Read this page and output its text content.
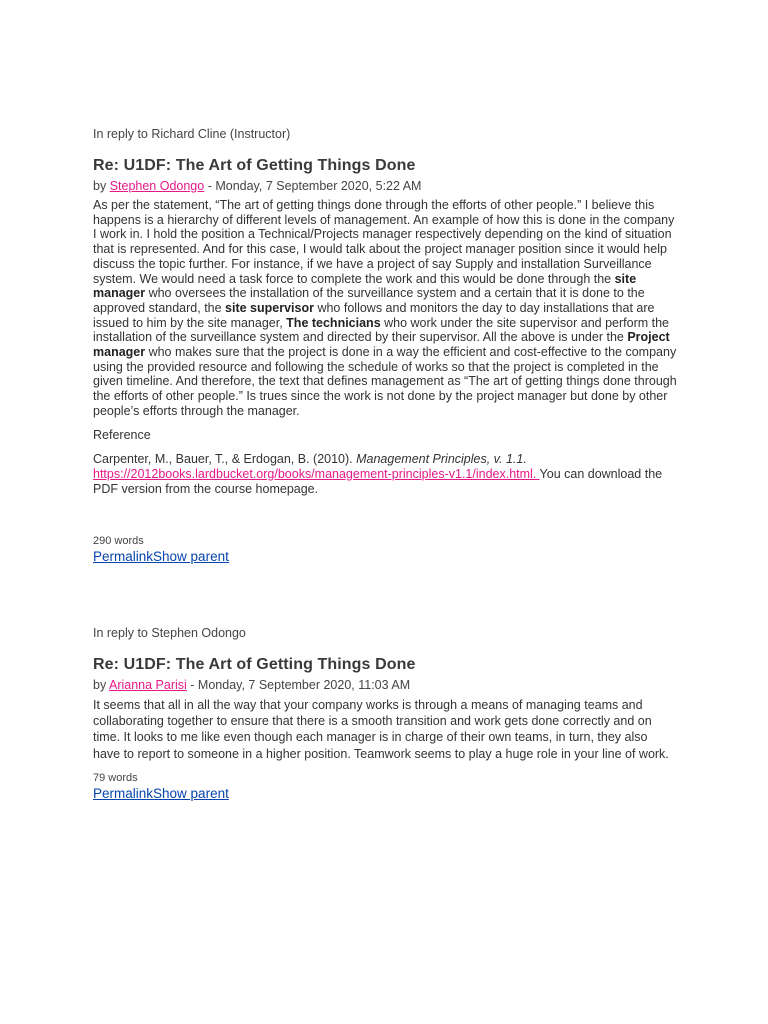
In reply to Richard Cline (Instructor)

Re: U1DF: The Art of Getting Things Done

by Stephen Odongo - Monday, 7 September 2020, 5:22 AM

As per the statement, “The art of getting things done through the efforts of other people.” I believe this happens is a hierarchy of different levels of management. An example of how this is done in the company I work in. I hold the position a Technical/Projects manager respectively depending on the kind of situation that is represented. And for this case, I would talk about the project manager position since it would help discuss the topic further. For instance, if we have a project of say Supply and installation Surveillance system. We would need a task force to complete the work and this would be done through the site manager who oversees the installation of the surveillance system and a certain that it is done to the approved standard, the site supervisor who follows and monitors the day to day installations that are issued to him by the site manager, The technicians who work under the site supervisor and perform the installation of the surveillance system and directed by their supervisor. All the above is under the Project manager who makes sure that the project is done in a way the efficient and cost-effective to the company using the provided resource and following the schedule of works so that the project is completed in the given timeline. And therefore, the text that defines management as “The art of getting things done through the efforts of other people.” Is trues since the work is not done by the project manager but done by other people’s efforts through the manager.

Reference

Carpenter, M., Bauer, T., & Erdogan, B. (2010). Management Principles, v. 1.1. https://2012books.lardbucket.org/books/management-principles-v1.1/index.html. You can download the PDF version from the course homepage.

290 words

PermalinkShow parent

In reply to Stephen Odongo

Re: U1DF: The Art of Getting Things Done

by Arianna Parisi - Monday, 7 September 2020, 11:03 AM

It seems that all in all the way that your company works is through a means of managing teams and collaborating together to ensure that there is a smooth transition and work gets done correctly and on time. It looks to me like even though each manager is in charge of their own teams, in turn, they also have to report to someone in a higher position. Teamwork seems to play a huge role in your line of work.

79 words

PermalinkShow parent
